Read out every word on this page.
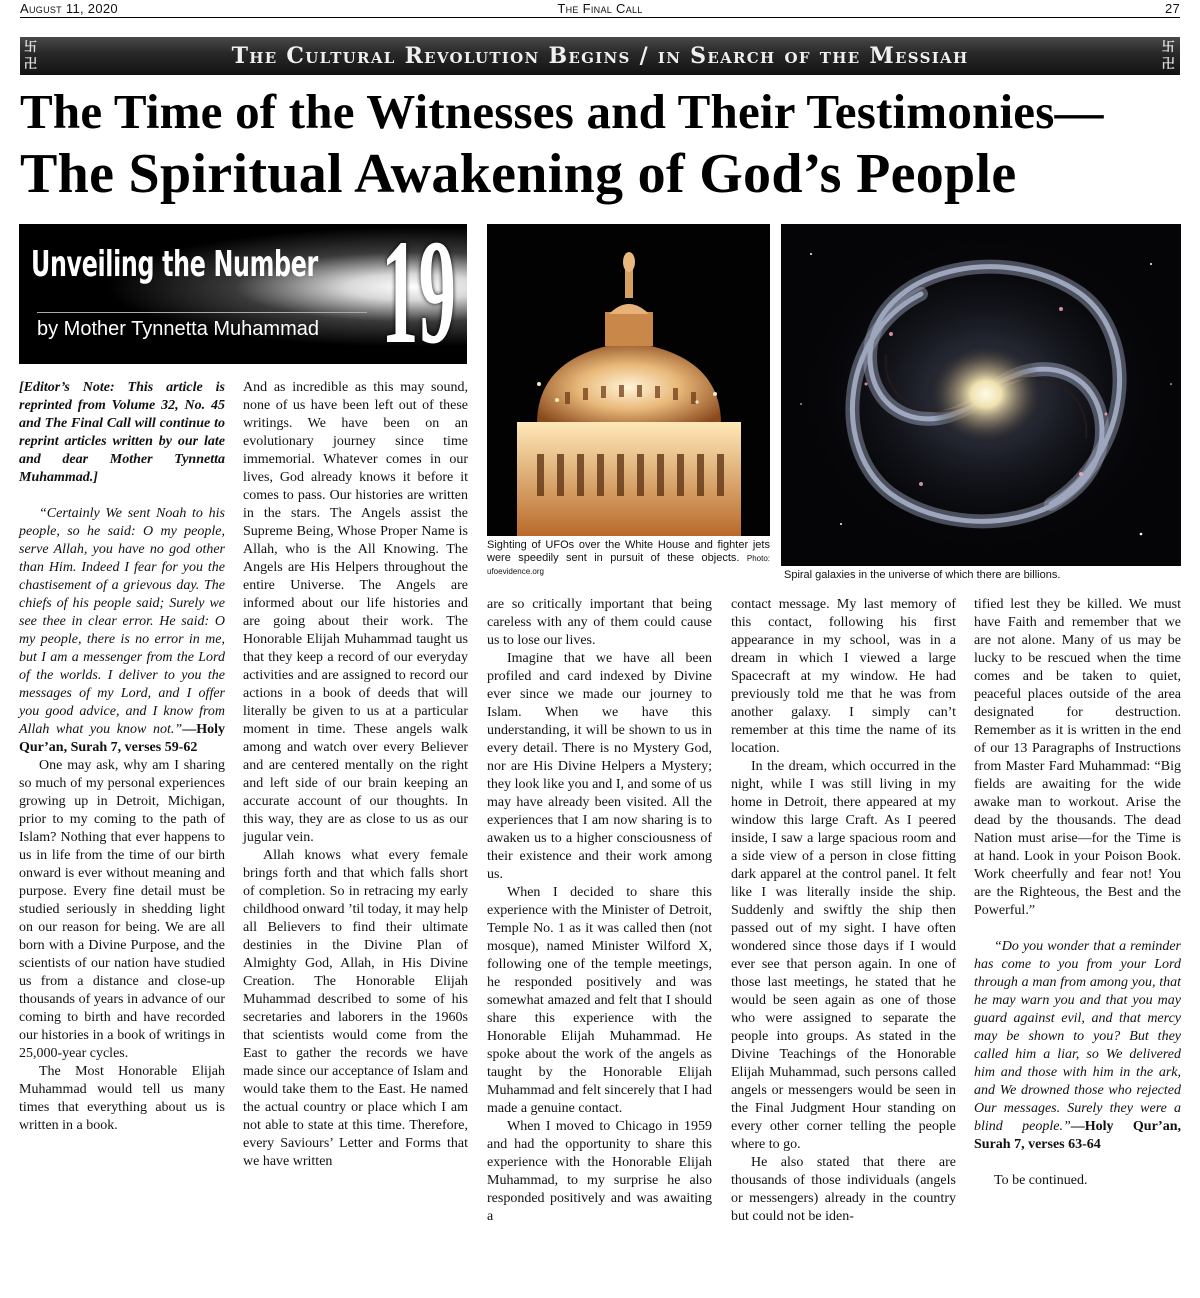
August 11, 2020	The Final Call	27
卐
卍	The Cultural Revolution Begins / in Search of the Messiah	卐
卍
The Time of the Witnesses and Their Testimonies—
The Spiritual Awakening of God’s People
Unveiling the Number
by Mother Tynnetta Muhammad 19
Sighting of UFOs over the White House and fighter jets were speedily sent in pursuit of these objects. Photo: ufoevidence.org	Spiral galaxies in the universe of which there are billions.

[Editor’s Note: This article is reprinted from Volume 32, No. 45 and The Final Call will continue to reprint articles written by our late and dear Mother Tynnetta Muhammad.]

“Certainly We sent Noah to his people, so he said: O my people, serve Allah, you have no god other than Him. Indeed I fear for you the chastisement of a grievous day. The chiefs of his people said; Surely we see thee in clear error. He said: O my people, there is no error in me, but I am a messenger from the Lord of the worlds. I deliver to you the messages of my Lord, and I offer you good advice, and I know from Allah what you know not.”—Holy Qur’an, Surah 7, verses 59-62

One may ask, why am I sharing so much of my personal experiences growing up in Detroit, Michigan, prior to my coming to the path of Islam? Nothing that ever happens to us in life from the time of our birth onward is ever without meaning and purpose. Every fine detail must be studied seriously in shedding light on our reason for being. We are all born with a Divine Purpose, and the scientists of our nation have studied us from a distance and close-up thousands of years in advance of our coming to birth and have recorded our histories in a book of writings in 25,000-year cycles.

The Most Honorable Elijah Muhammad would tell us many times that everything about us is written in a book.

And as incredible as this may sound, none of us have been left out of these writings. We have been on an evolutionary journey since time immemorial. Whatever comes in our lives, God already knows it before it comes to pass. Our histories are written in the stars. The Angels assist the Supreme Being, Whose Proper Name is Allah, who is the All Knowing. The Angels are His Helpers throughout the entire Universe. The Angels are informed about our life histories and are going about their work. The Honorable Elijah Muhammad taught us that they keep a record of our everyday activities and are assigned to record our actions in a book of deeds that will literally be given to us at a particular moment in time. These angels walk among and watch over every Believer and are centered mentally on the right and left side of our brain keeping an accurate account of our thoughts. In this way, they are as close to us as our jugular vein.

Allah knows what every female brings forth and that which falls short of completion. So in retracing my early childhood onward ’til today, it may help all Believers to find their ultimate destinies in the Divine Plan of Almighty God, Allah, in His Divine Creation. The Honorable Elijah Muhammad described to some of his secretaries and laborers in the 1960s that scientists would come from the East to gather the records we have made since our acceptance of Islam and would take them to the East. He named the actual country or place which I am not able to state at this time. Therefore, every Saviours’ Letter and Forms that we have written

are so critically important that being careless with any of them could cause us to lose our lives.

Imagine that we have all been profiled and card indexed by Divine ever since we made our journey to Islam. When we have this understanding, it will be shown to us in every detail. There is no Mystery God, nor are His Divine Helpers a Mystery; they look like you and I, and some of us may have already been visited. All the experiences that I am now sharing is to awaken us to a higher consciousness of their existence and their work among us.

When I decided to share this experience with the Minister of Detroit, Temple No. 1 as it was called then (not mosque), named Minister Wilford X, following one of the temple meetings, he responded positively and was somewhat amazed and felt that I should share this experience with the Honorable Elijah Muhammad. He spoke about the work of the angels as taught by the Honorable Elijah Muhammad and felt sincerely that I had made a genuine contact.

When I moved to Chicago in 1959 and had the opportunity to share this experience with the Honorable Elijah Muhammad, to my surprise he also responded positively and was awaiting a

contact message. My last memory of this contact, following his first appearance in my school, was in a dream in which I viewed a large Spacecraft at my window. He had previously told me that he was from another galaxy. I simply can’t remember at this time the name of its location.

In the dream, which occurred in the night, while I was still living in my home in Detroit, there appeared at my window this large Craft. As I peered inside, I saw a large spacious room and a side view of a person in close fitting dark apparel at the control panel. It felt like I was literally inside the ship. Suddenly and swiftly the ship then passed out of my sight. I have often wondered since those days if I would ever see that person again. In one of those last meetings, he stated that he would be seen again as one of those who were assigned to separate the people into groups. As stated in the Divine Teachings of the Honorable Elijah Muhammad, such persons called angels or messengers would be seen in the Final Judgment Hour standing on every other corner telling the people where to go.

He also stated that there are thousands of those individuals (angels or messengers) already in the country but could not be iden-

tified lest they be killed. We must have Faith and remember that we are not alone. Many of us may be lucky to be rescued when the time comes and be taken to quiet, peaceful places outside of the area designated for destruction. Remember as it is written in the end of our 13 Paragraphs of Instructions from Master Fard Muhammad: “Big fields are awaiting for the wide awake man to workout. Arise the dead by the thousands. The dead Nation must arise—for the Time is at hand. Look in your Poison Book. Work cheerfully and fear not! You are the Righteous, the Best and the Powerful.”

“Do you wonder that a reminder has come to you from your Lord through a man from among you, that he may warn you and that you may guard against evil, and that mercy may be shown to you? But they called him a liar, so We delivered him and those with him in the ark, and We drowned those who rejected Our messages. Surely they were a blind people.”—Holy Qur’an, Surah 7, verses 63-64

To be continued.
